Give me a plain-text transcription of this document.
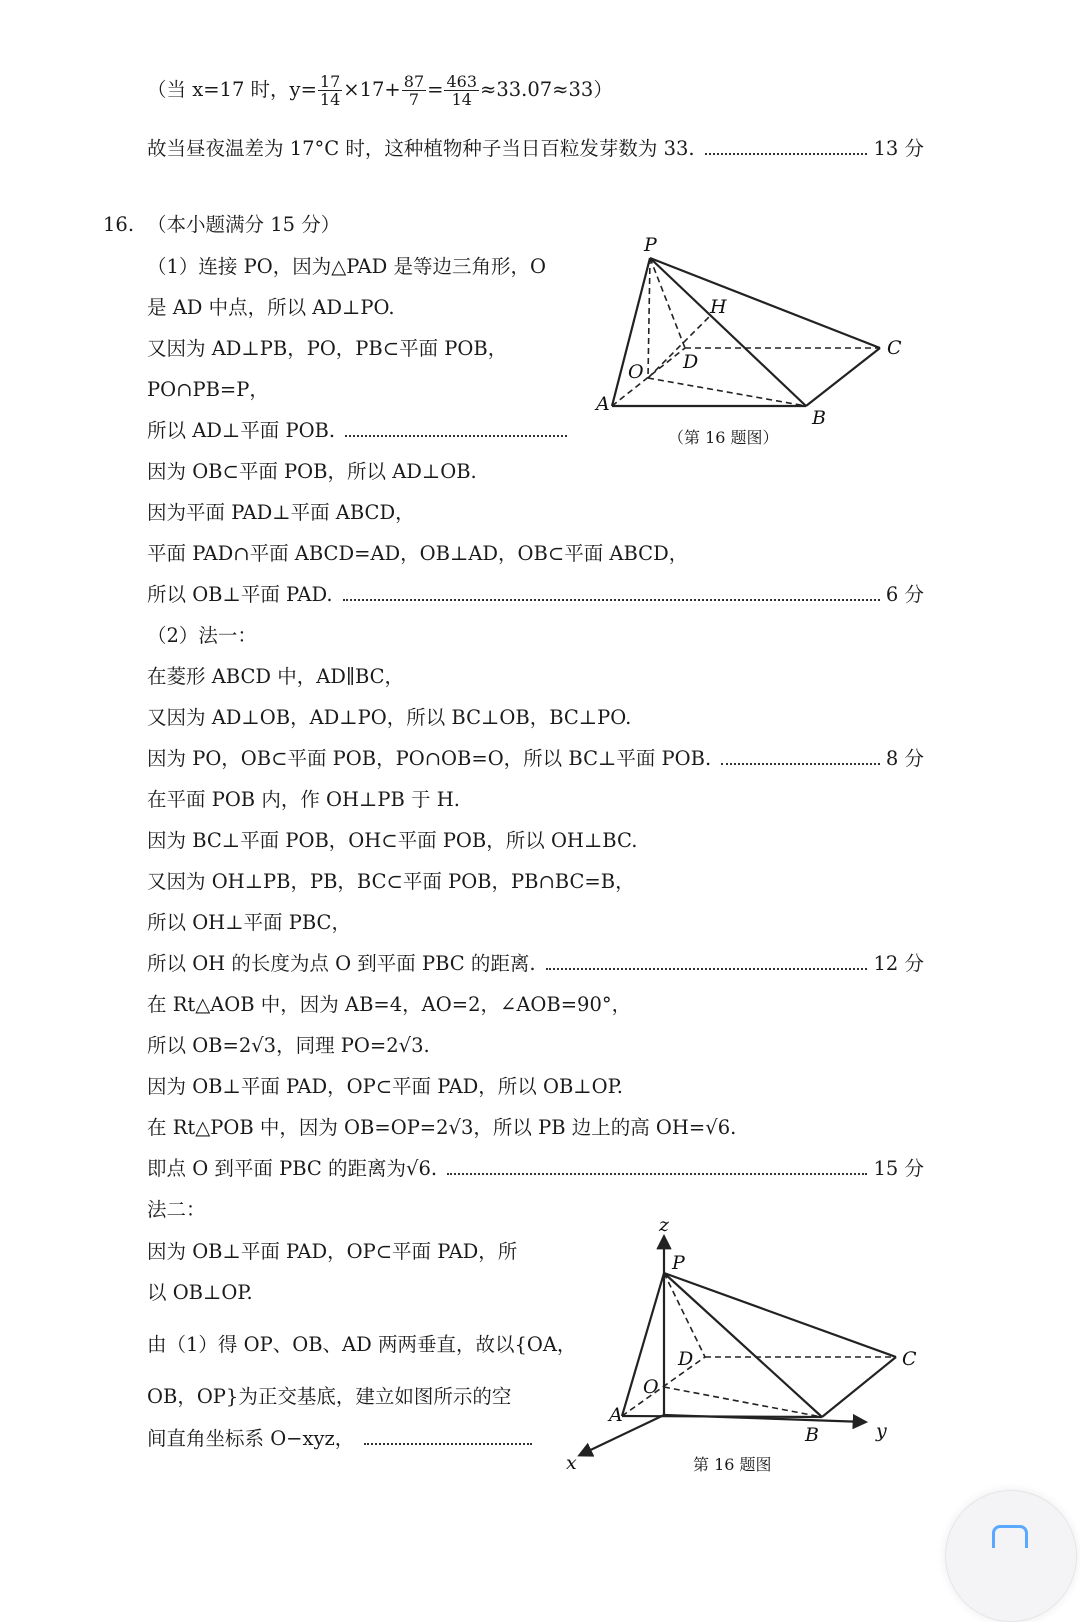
（当 x=17 时，$y= \frac{17}{14} \times 17+ \frac{87}{7} = \frac{463}{14} \approx 33.07\approx 33$）
故当昼夜温差为 17°C 时，这种植物种子当日百粒发芽数为 33.	13 分
16. （本小题满分 15 分）
（1）连接 PO，因为△PAD 是等边三角形，O
是 AD 中点，所以 AD⊥PO.
又因为 AD⊥PB，PO，PB⊂平面 POB，
PO∩PB=P，
所以 AD⊥平面 POB.
因为 OB⊂平面 POB，所以 AD⊥OB.
因为平面 PAD⊥平面 ABCD，
平面 PAD∩平面 ABCD=AD，OB⊥AD，OB⊂平面 ABCD，
所以 OB⊥平面 PAD.	6 分
（2）法一：
在菱形 ABCD 中，AD∥BC，
又因为 AD⊥OB，AD⊥PO，所以 BC⊥OB，BC⊥PO.
因为 PO，OB⊂平面 POB，PO∩OB=O，所以 BC⊥平面 POB.	8 分
在平面 POB 内，作 OH⊥PB 于 H.
因为 BC⊥平面 POB，OH⊂平面 POB，所以 OH⊥BC.
又因为 OH⊥PB，PB，BC⊂平面 POB，PB∩BC=B，
所以 OH⊥平面 PBC，
所以 OH 的长度为点 O 到平面 PBC 的距离.	12 分
在 Rt△AOB 中，因为 AB=4，AO=2，∠AOB=90°，
所以 OB=2√3，同理 PO=2√3.
因为 OB⊥平面 PAD，OP⊂平面 PAD，所以 OB⊥OP.
在 Rt△POB 中，因为 OB=OP=2√3，所以 PB 边上的高 OH=√6.
即点 O 到平面 PBC 的距离为√6.	15 分
法二：
因为 OB⊥平面 PAD，OP⊂平面 PAD，所
以 OB⊥OP.
由（1）得 OP、OB、AD 两两垂直，故以{OA，
OB，OP}为正交基底，建立如图所示的空
间直角坐标系 O−xyz，
P
H
C
D
O
A
B
（第 16 题图）
z
P
C
D
O
A
B	y
x	第 16 题图
